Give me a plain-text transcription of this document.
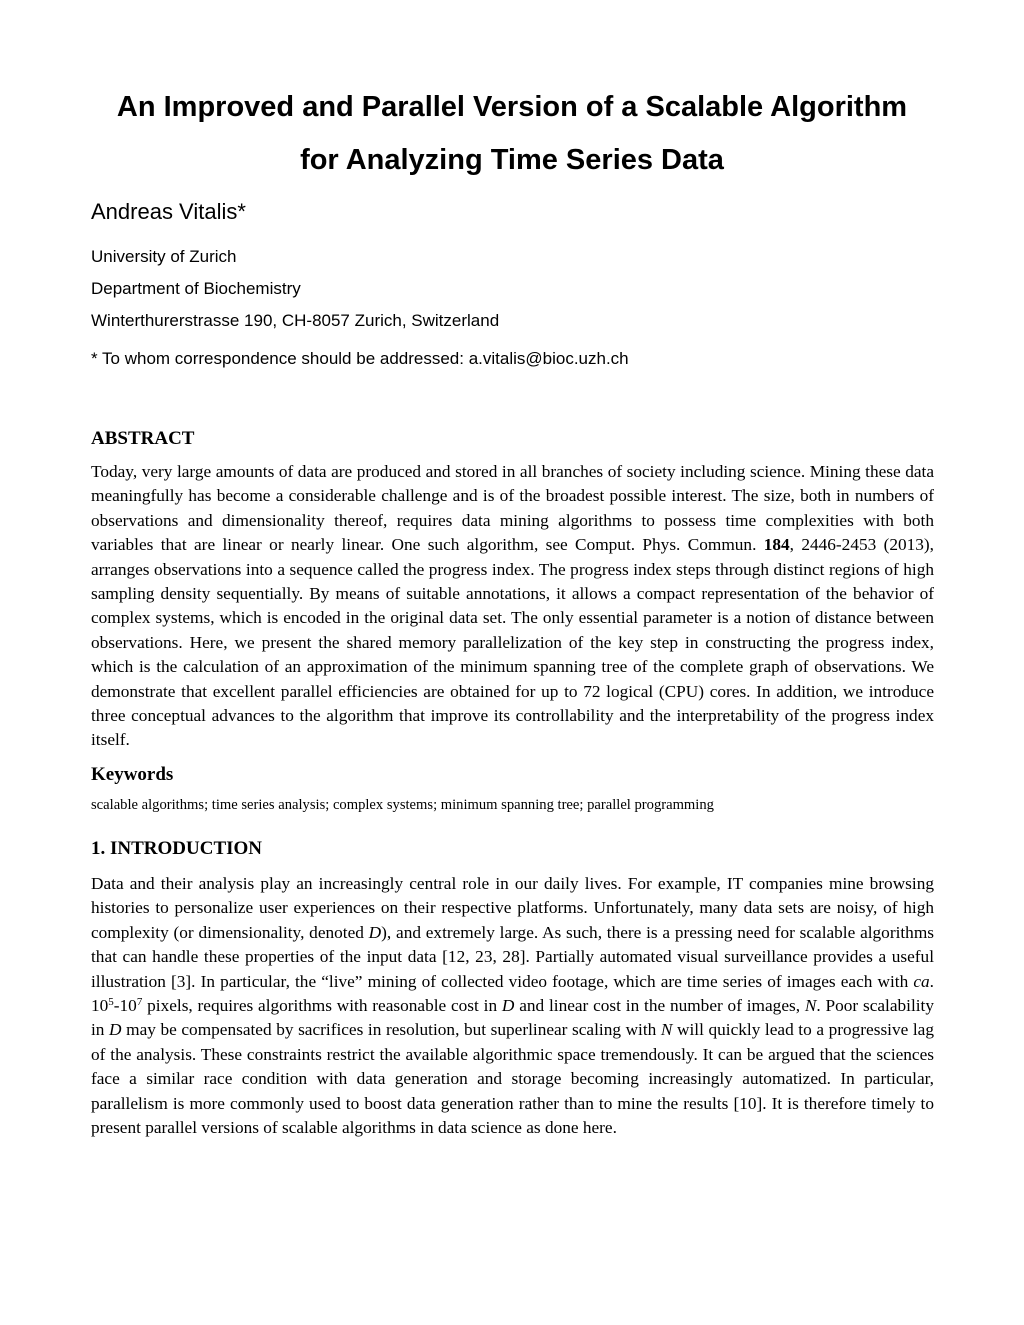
An Improved and Parallel Version of a Scalable Algorithm
for Analyzing Time Series Data

Andreas Vitalis*

University of Zurich

Department of Biochemistry

Winterthurerstrasse 190, CH-8057 Zurich, Switzerland

* To whom correspondence should be addressed: a.vitalis@bioc.uzh.ch

ABSTRACT

Today, very large amounts of data are produced and stored in all branches of society including science. Mining these data meaningfully has become a considerable challenge and is of the broadest possible interest. The size, both in numbers of observations and dimensionality thereof, requires data mining algorithms to possess time complexities with both variables that are linear or nearly linear. One such algorithm, see Comput. Phys. Commun. 184, 2446-2453 (2013), arranges observations into a sequence called the progress index. The progress index steps through distinct regions of high sampling density sequentially. By means of suitable annotations, it allows a compact representation of the behavior of complex systems, which is encoded in the original data set. The only essential parameter is a notion of distance between observations. Here, we present the shared memory parallelization of the key step in constructing the progress index, which is the calculation of an approximation of the minimum spanning tree of the complete graph of observations. We demonstrate that excellent parallel efficiencies are obtained for up to 72 logical (CPU) cores. In addition, we introduce three conceptual advances to the algorithm that improve its controllability and the interpretability of the progress index itself.

Keywords

scalable algorithms; time series analysis; complex systems; minimum spanning tree; parallel programming

1. INTRODUCTION

Data and their analysis play an increasingly central role in our daily lives. For example, IT companies mine browsing histories to personalize user experiences on their respective platforms. Unfortunately, many data sets are noisy, of high complexity (or dimensionality, denoted D), and extremely large. As such, there is a pressing need for scalable algorithms that can handle these properties of the input data [12, 23, 28]. Partially automated visual surveillance provides a useful illustration [3]. In particular, the “live” mining of collected video footage, which are time series of images each with ca. $10^5-10^7$ pixels, requires algorithms with reasonable cost in D and linear cost in the number of images, N. Poor scalability in D may be compensated by sacrifices in resolution, but superlinear scaling with N will quickly lead to a progressive lag of the analysis. These constraints restrict the available algorithmic space tremendously. It can be argued that the sciences face a similar race condition with data generation and storage becoming increasingly automatized. In particular, parallelism is more commonly used to boost data generation rather than to mine the results [10]. It is therefore timely to present parallel versions of scalable algorithms in data science as done here.
